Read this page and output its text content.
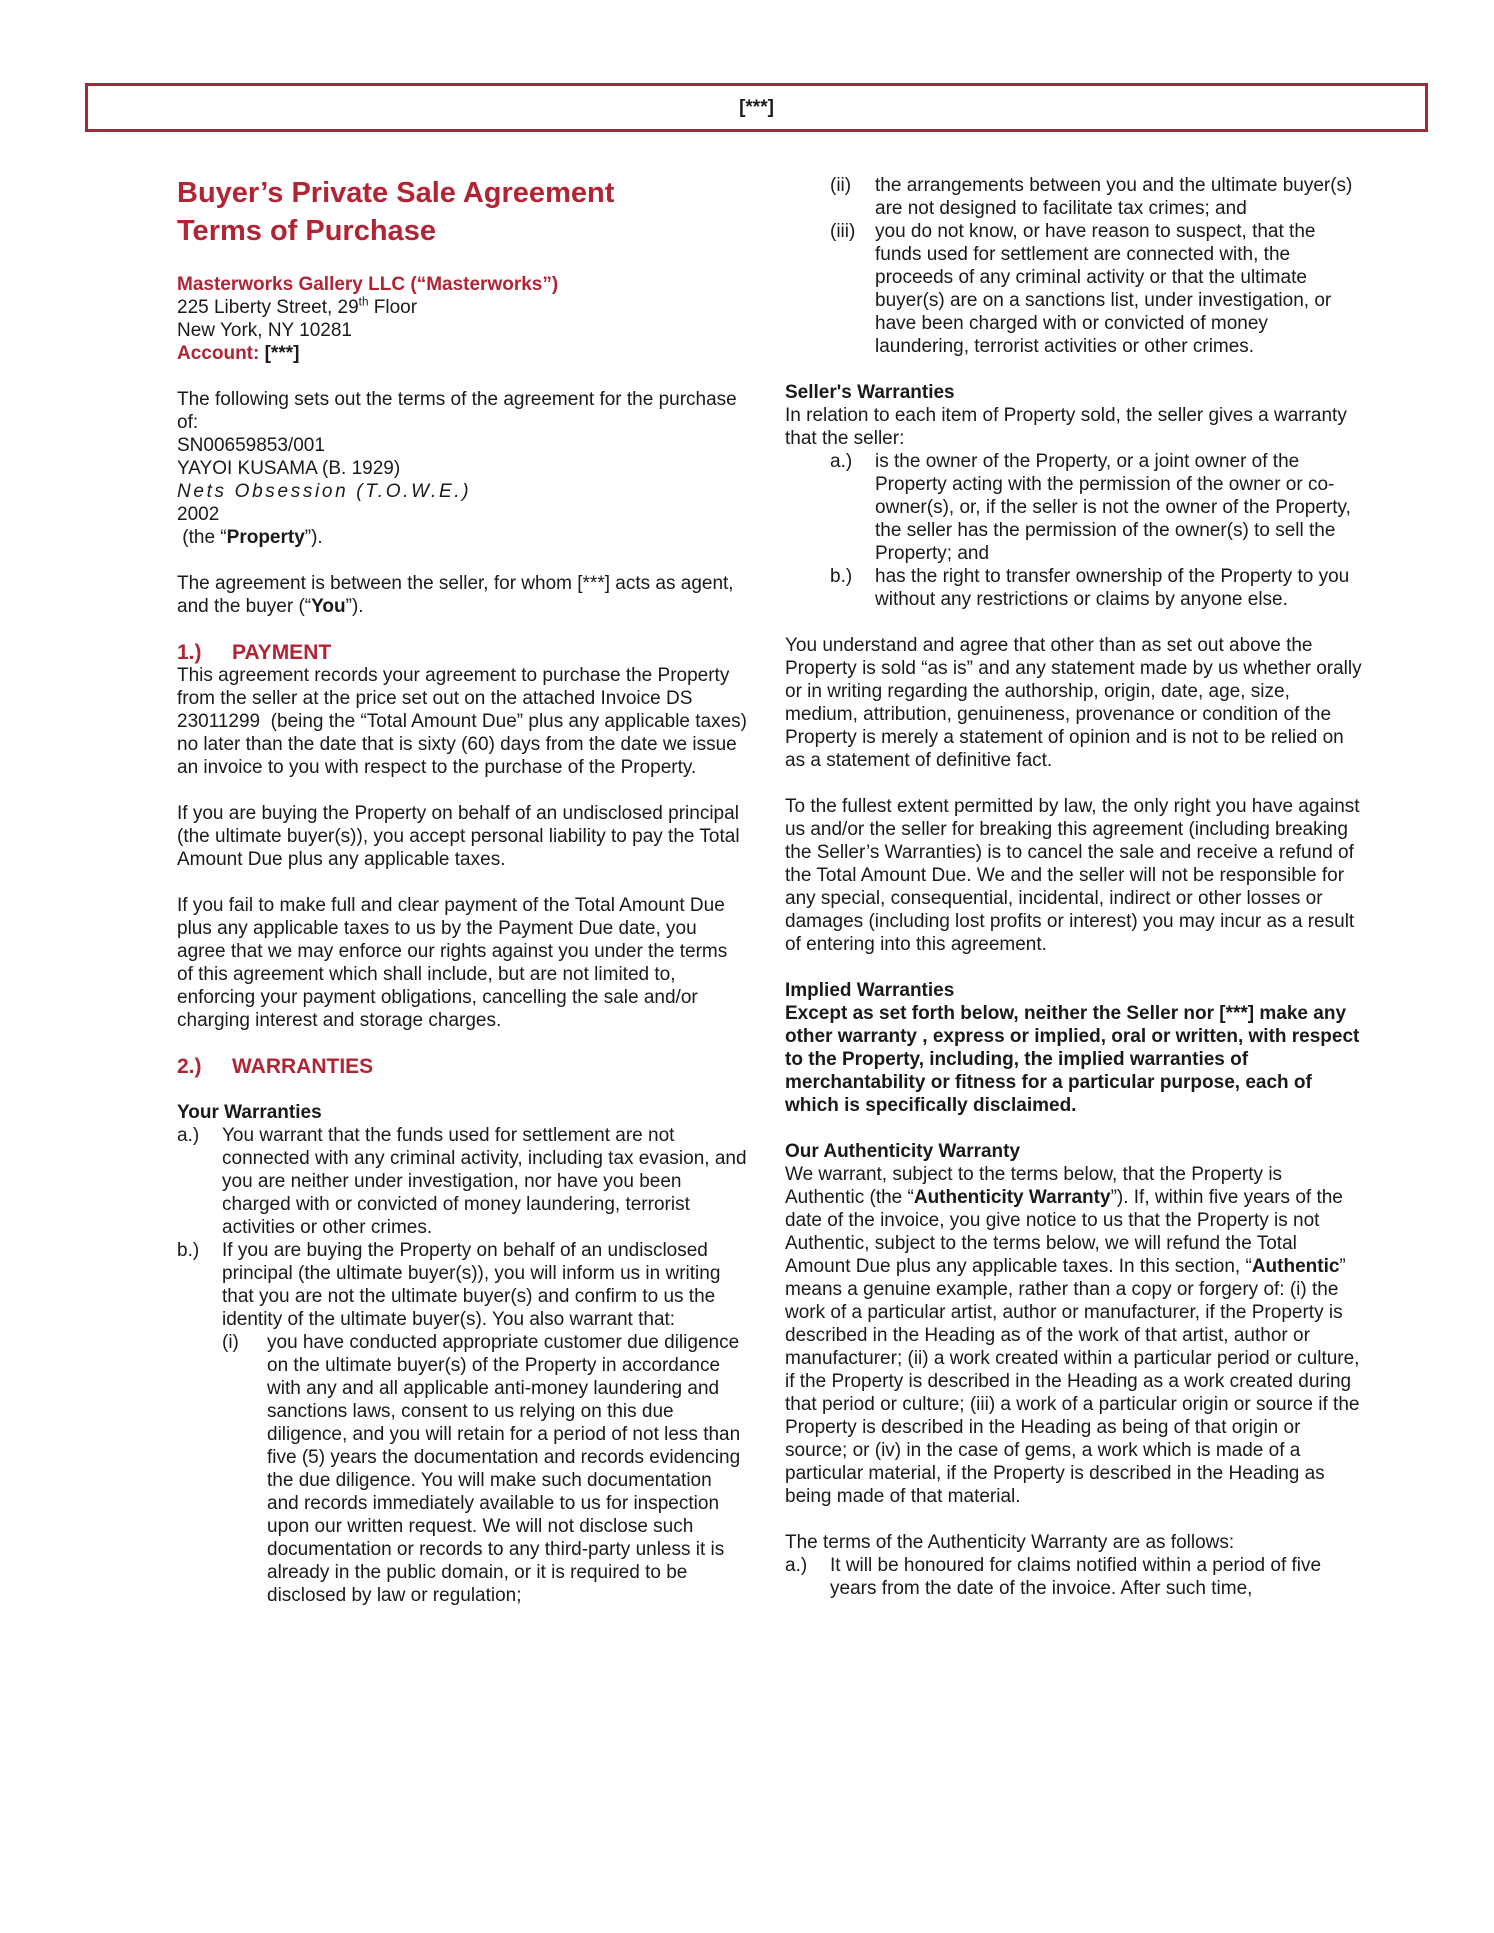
[***]
Buyer’s Private Sale Agreement
Terms of Purchase
Masterworks Gallery LLC (“Masterworks”)
225 Liberty Street, 29th Floor
New York, NY 10281
Account: [***]
The following sets out the terms of the agreement for the purchase of:
SN00659853/001
YAYOI KUSAMA (B. 1929)
Nets Obsession (T.O.W.E.)
2002
(the “Property”).
The agreement is between the seller, for whom [***] acts as agent, and the buyer (“You”).
1.) PAYMENT
This agreement records your agreement to purchase the Property from the seller at the price set out on the attached Invoice DS 23011299  (being the “Total Amount Due” plus any applicable taxes) no later than the date that is sixty (60) days from the date we issue an invoice to you with respect to the purchase of the Property.
If you are buying the Property on behalf of an undisclosed principal (the ultimate buyer(s)), you accept personal liability to pay the Total Amount Due plus any applicable taxes.
If you fail to make full and clear payment of the Total Amount Due plus any applicable taxes to us by the Payment Due date, you agree that we may enforce our rights against you under the terms of this agreement which shall include, but are not limited to, enforcing your payment obligations, cancelling the sale and/or charging interest and storage charges.
2.) WARRANTIES
Your Warranties
a.)	You warrant that the funds used for settlement are not connected with any criminal activity, including tax evasion, and you are neither under investigation, nor have you been charged with or convicted of money laundering, terrorist activities or other crimes.
b.)	If you are buying the Property on behalf of an undisclosed principal (the ultimate buyer(s)), you will inform us in writing that you are not the ultimate buyer(s) and confirm to us the identity of the ultimate buyer(s). You also warrant that:
(i)	you have conducted appropriate customer due diligence on the ultimate buyer(s) of the Property in accordance with any and all applicable anti-money laundering and sanctions laws, consent to us relying on this due diligence, and you will retain for a period of not less than five (5) years the documentation and records evidencing the due diligence. You will make such documentation and records immediately available to us for inspection upon our written request. We will not disclose such documentation or records to any third-party unless it is already in the public domain, or it is required to be disclosed by law or regulation;
(ii)	the arrangements between you and the ultimate buyer(s) are not designed to facilitate tax crimes; and
(iii)	you do not know, or have reason to suspect, that the funds used for settlement are connected with, the proceeds of any criminal activity or that the ultimate buyer(s) are on a sanctions list, under investigation, or have been charged with or convicted of money laundering, terrorist activities or other crimes.
Seller's Warranties
In relation to each item of Property sold, the seller gives a warranty that the seller:
a.)	is the owner of the Property, or a joint owner of the Property acting with the permission of the owner or co-owner(s), or, if the seller is not the owner of the Property, the seller has the permission of the owner(s) to sell the Property; and
b.)	has the right to transfer ownership of the Property to you without any restrictions or claims by anyone else.
You understand and agree that other than as set out above the Property is sold “as is” and any statement made by us whether orally or in writing regarding the authorship, origin, date, age, size, medium, attribution, genuineness, provenance or condition of the Property is merely a statement of opinion and is not to be relied on as a statement of definitive fact.
To the fullest extent permitted by law, the only right you have against us and/or the seller for breaking this agreement (including breaking the Seller’s Warranties) is to cancel the sale and receive a refund of the Total Amount Due. We and the seller will not be responsible for any special, consequential, incidental, indirect or other losses or damages (including lost profits or interest) you may incur as a result of entering into this agreement.
Implied Warranties
Except as set forth below, neither the Seller nor [***] make any other warranty , express or implied, oral or written, with respect to the Property, including, the implied warranties of merchantability or fitness for a particular purpose, each of which is specifically disclaimed.
Our Authenticity Warranty
We warrant, subject to the terms below, that the Property is Authentic (the “Authenticity Warranty”). If, within five years of the date of the invoice, you give notice to us that the Property is not Authentic, subject to the terms below, we will refund the Total Amount Due plus any applicable taxes. In this section, “Authentic” means a genuine example, rather than a copy or forgery of: (i) the work of a particular artist, author or manufacturer, if the Property is described in the Heading as of the work of that artist, author or manufacturer; (ii) a work created within a particular period or culture, if the Property is described in the Heading as a work created during that period or culture; (iii) a work of a particular origin or source if the Property is described in the Heading as being of that origin or source; or (iv) in the case of gems, a work which is made of a particular material, if the Property is described in the Heading as being made of that material.
The terms of the Authenticity Warranty are as follows:
a.)	It will be honoured for claims notified within a period of five years from the date of the invoice. After such time,
